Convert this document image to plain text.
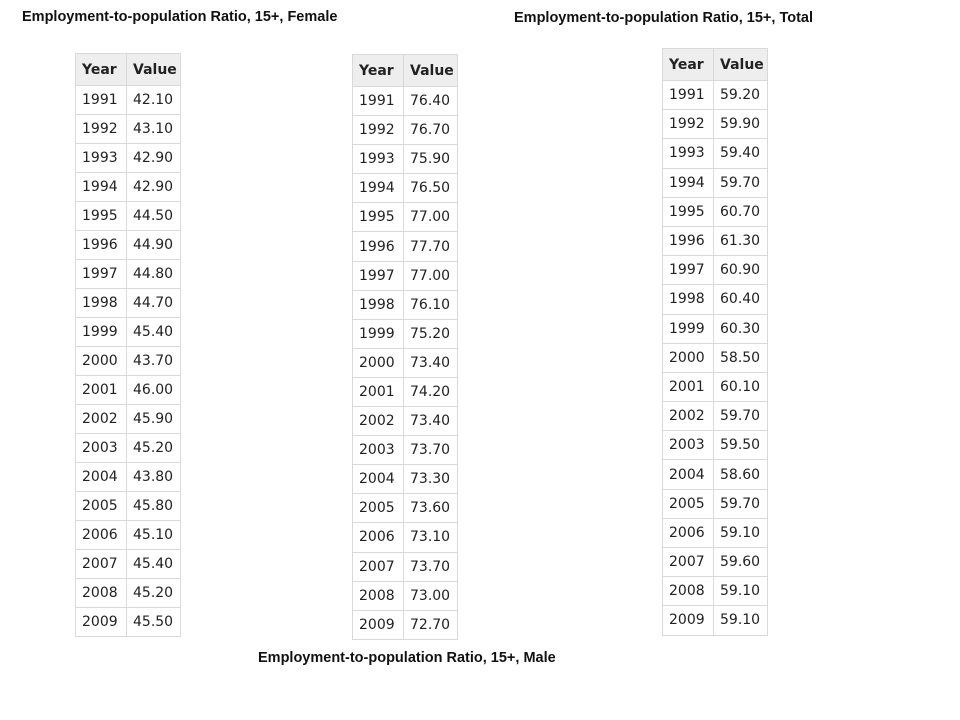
Employment-to-population Ratio, 15+, Female	Employment-to-population Ratio, 15+, Total
Employment-to-population Ratio, 15+, Male
Year	Value
1991	42.10
1992	43.10
1993	42.90
1994	42.90
1995	44.50
1996	44.90
1997	44.80
1998	44.70
1999	45.40
2000	43.70
2001	46.00
2002	45.90
2003	45.20
2004	43.80
2005	45.80
2006	45.10
2007	45.40
2008	45.20
2009	45.50
Year	Value
1991	76.40
1992	76.70
1993	75.90
1994	76.50
1995	77.00
1996	77.70
1997	77.00
1998	76.10
1999	75.20
2000	73.40
2001	74.20
2002	73.40
2003	73.70
2004	73.30
2005	73.60
2006	73.10
2007	73.70
2008	73.00
2009	72.70
Year	Value
1991	59.20
1992	59.90
1993	59.40
1994	59.70
1995	60.70
1996	61.30
1997	60.90
1998	60.40
1999	60.30
2000	58.50
2001	60.10
2002	59.70
2003	59.50
2004	58.60
2005	59.70
2006	59.10
2007	59.60
2008	59.10
2009	59.10
